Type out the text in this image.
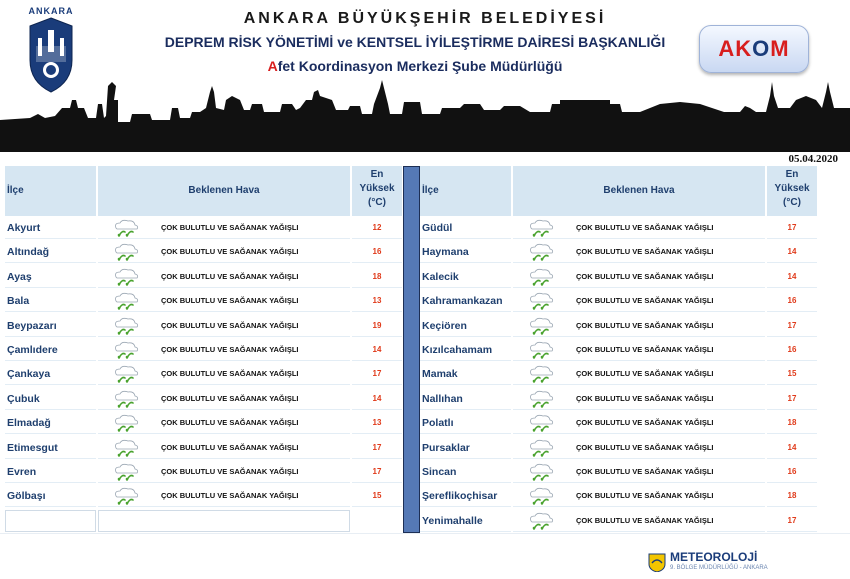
ANKARA	ANKARA BÜYÜKŞEHİR BELEDİYESİ
DEPREM RİSK YÖNETİMİ ve KENTSEL İYİLEŞTİRME DAİRESİ BAŞKANLIĞI
Afet Koordinasyon Merkezi Şube Müdürlüğü
AKOM
05.04.2020
İlçe	Beklenen Hava
En
Yüksek
(°C)
Akyurt	ÇOK BULUTLU VE SAĞANAK YAĞIŞLI	12
Altındağ	ÇOK BULUTLU VE SAĞANAK YAĞIŞLI	16
Ayaş	ÇOK BULUTLU VE SAĞANAK YAĞIŞLI	18
Bala	ÇOK BULUTLU VE SAĞANAK YAĞIŞLI	13
Beypazarı	ÇOK BULUTLU VE SAĞANAK YAĞIŞLI	19
Çamlıdere	ÇOK BULUTLU VE SAĞANAK YAĞIŞLI	14
Çankaya	ÇOK BULUTLU VE SAĞANAK YAĞIŞLI	17
Çubuk	ÇOK BULUTLU VE SAĞANAK YAĞIŞLI	14
Elmadağ	ÇOK BULUTLU VE SAĞANAK YAĞIŞLI	13
Etimesgut	ÇOK BULUTLU VE SAĞANAK YAĞIŞLI	17
Evren	ÇOK BULUTLU VE SAĞANAK YAĞIŞLI	17
Gölbaşı	ÇOK BULUTLU VE SAĞANAK YAĞIŞLI	15
İlçe	Beklenen Hava
En
Yüksek
(°C)
Güdül	ÇOK BULUTLU VE SAĞANAK YAĞIŞLI	17
Haymana	ÇOK BULUTLU VE SAĞANAK YAĞIŞLI	14
Kalecik	ÇOK BULUTLU VE SAĞANAK YAĞIŞLI	14
Kahramankazan	ÇOK BULUTLU VE SAĞANAK YAĞIŞLI	16
Keçiören	ÇOK BULUTLU VE SAĞANAK YAĞIŞLI	17
Kızılcahamam	ÇOK BULUTLU VE SAĞANAK YAĞIŞLI	16
Mamak	ÇOK BULUTLU VE SAĞANAK YAĞIŞLI	15
Nallıhan	ÇOK BULUTLU VE SAĞANAK YAĞIŞLI	17
Polatlı	ÇOK BULUTLU VE SAĞANAK YAĞIŞLI	18
Pursaklar	ÇOK BULUTLU VE SAĞANAK YAĞIŞLI	14
Sincan	ÇOK BULUTLU VE SAĞANAK YAĞIŞLI	16
Şereflikoçhisar	ÇOK BULUTLU VE SAĞANAK YAĞIŞLI	18
Yenimahalle	ÇOK BULUTLU VE SAĞANAK YAĞIŞLI	17
METEOROLOJİ
9. BÖLGE MÜDÜRLÜĞÜ - ANKARA
